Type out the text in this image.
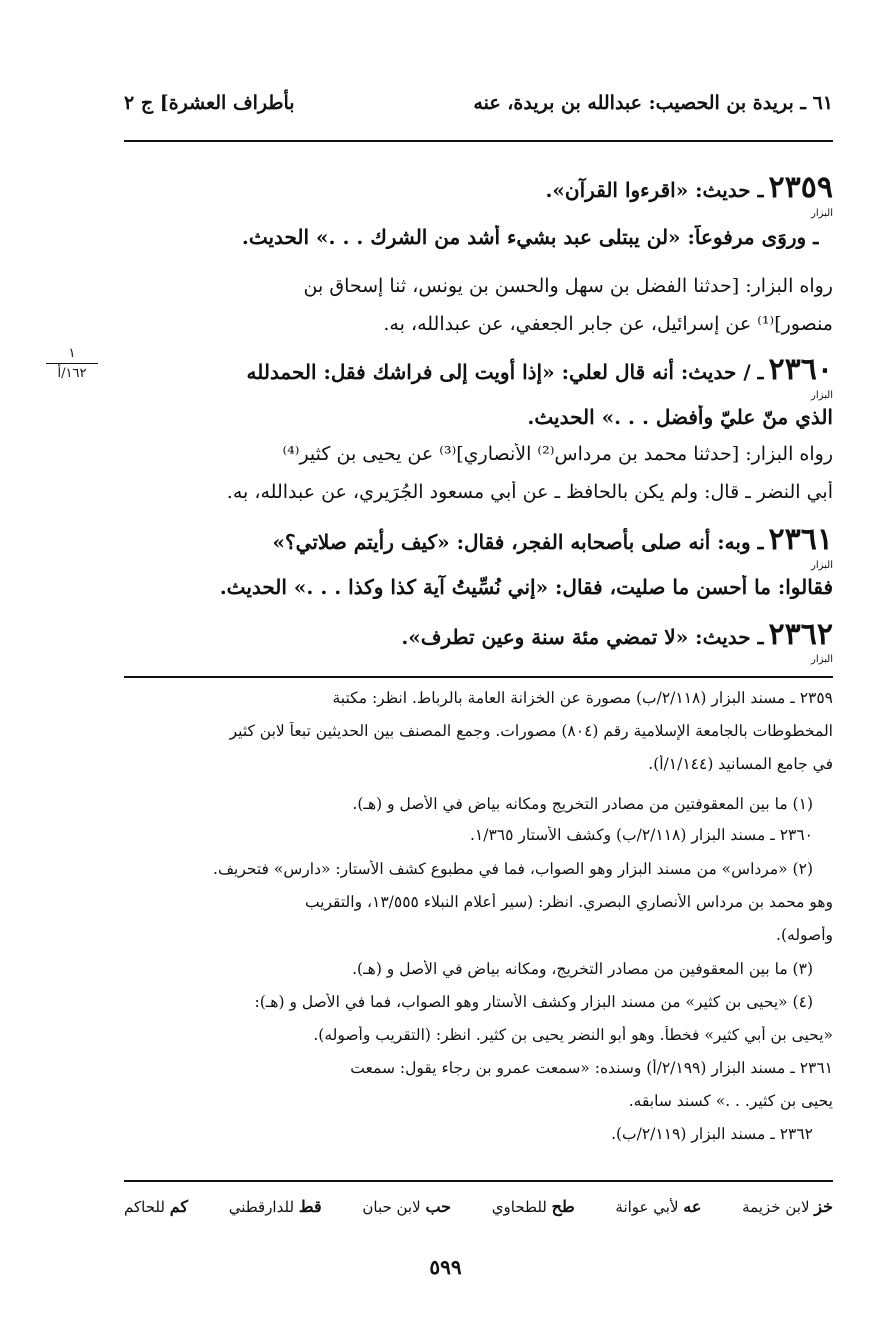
٦١ ـ بريدة بن الحصيب: عبدالله بن بريدة، عنه
بأطراف العشرة] ج ٢
٢٣٥٩ ـ حديث: «اقرءوا القرآن».
البزار
ـ وروَى مرفوعاً: «لن يبتلى عبد بشيء أشد من الشرك . . .» الحديث.
رواه البزار: [حدثنا الفضل بن سهل والحسن بن يونس، ثنا إسحاق بن
منصور]⁽¹⁾ عن إسرائيل، عن جابر الجعفي، عن عبدالله، به.
١
١٦٢/أ	٢٣٦٠ ـ / حديث: أنه قال لعلي: «إذا أويت إلى فراشك فقل: الحمدلله
البزار
الذي منّ عليّ وأفضل . . .» الحديث.
رواه البزار: [حدثنا محمد بن مرداس⁽²⁾ الأنصاري]⁽³⁾ عن يحيى بن كثير⁽⁴⁾
أبي النضر ـ قال: ولم يكن بالحافظ ـ عن أبي مسعود الجُرَيري، عن عبدالله، به.
٢٣٦١ ـ وبه: أنه صلى بأصحابه الفجر، فقال: «كيف رأيتم صلاتي؟»
البزار
فقالوا: ما أحسن ما صليت، فقال: «إني نُسِّيتُ آية كذا وكذا . . .» الحديث.
٢٣٦٢ ـ حديث: «لا تمضي مئة سنة وعين تطرف».
البزار
٢٣٥٩ ـ مسند البزار (٢/١١٨/ب) مصورة عن الخزانة العامة بالرباط. انظر: مكتبة
المخطوطات بالجامعة الإسلامية رقم (٨٠٤) مصورات. وجمع المصنف بين الحديثين تبعاً لابن كثير
في جامع المسانيد (١/١٤٤/أ).
(١) ما بين المعقوفتين من مصادر التخريج ومكانه بياض في الأصل و (هـ).
٢٣٦٠ ـ مسند البزار (٢/١١٨/ب) وكشف الأستار ١/٣٦٥.
(٢) «مرداس» من مسند البزار وهو الصواب، فما في مطبوع كشف الأستار: «دارس» فتحريف.
وهو محمد بن مرداس الأنصاري البصري. انظر: (سير أعلام النبلاء ١٣/٥٥٥، والتقريب
وأصوله).
(٣) ما بين المعقوفين من مصادر التخريج، ومكانه بياض في الأصل و (هـ).
(٤) «يحيى بن كثير» من مسند البزار وكشف الأستار وهو الصواب، فما في الأصل و (هـ):
«يحيى بن أبي كثير» فخطأ. وهو أبو النضر يحيى بن كثير. انظر: (التقريب وأصوله).
٢٣٦١ ـ مسند البزار (٢/١٩٩/أ) وسنده: «سمعت عمرو بن رجاء يقول: سمعت
يحيى بن كثير. . .» كسند سابقه.
٢٣٦٢ ـ مسند البزار (٢/١١٩/ب).
خز لابن خزيمة
عه لأبي عوانة
طح للطحاوي
حب لابن حبان
قط للدارقطني
كم للحاكم
٥٩٩
